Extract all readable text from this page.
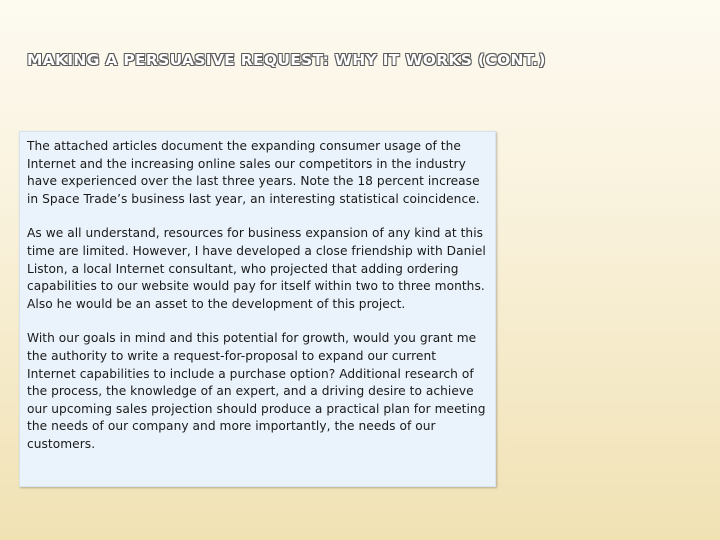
MAKING A PERSUASIVE REQUEST: WHY IT WORKS (CONT.)

The attached articles document the expanding consumer usage of the Internet and the increasing online sales our competitors in the industry have experienced over the last three years. Note the 18 percent increase in Space Trade’s business last year, an interesting statistical coincidence.

As we all understand, resources for business expansion of any kind at this time are limited. However, I have developed a close friendship with Daniel Liston, a local Internet consultant, who projected that adding ordering capabilities to our website would pay for itself within two to three months. Also he would be an asset to the development of this project.

With our goals in mind and this potential for growth, would you grant me the authority to write a request-for-proposal to expand our current Internet capabilities to include a purchase option? Additional research of the process, the knowledge of an expert, and a driving desire to achieve our upcoming sales projection should produce a practical plan for meeting the needs of our company and more importantly, the needs of our customers.
